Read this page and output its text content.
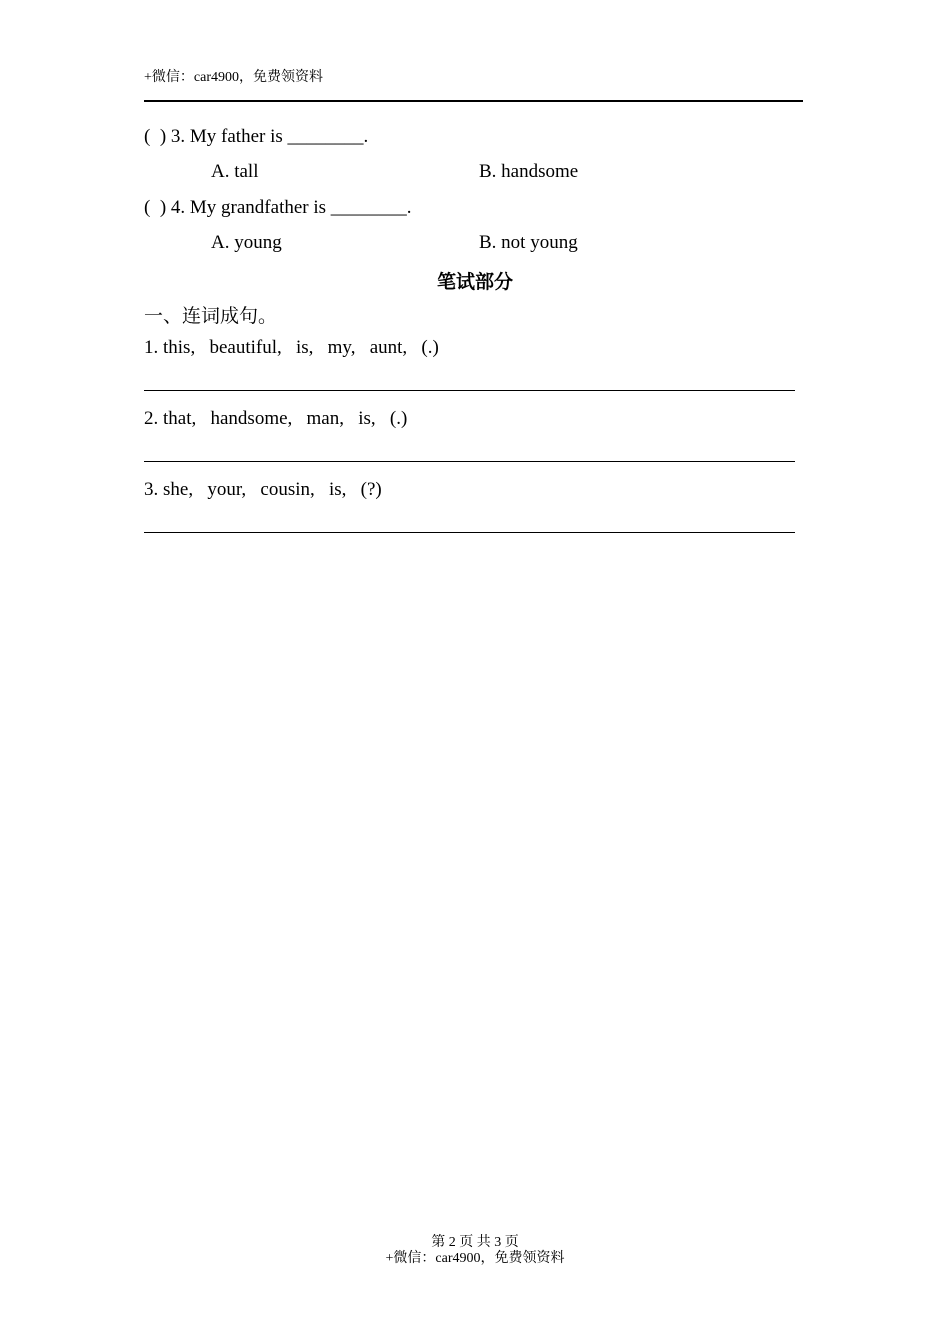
+微信：car4900，免费领资料
(  ) 3. My father is ________.
A. tall	B. handsome
(  ) 4. My grandfather is ________.
A. young	B. not young
笔试部分
一、连词成句。
1. this,   beautiful,   is,   my,   aunt,   (.)
2. that,   handsome,   man,   is,   (.)
3. she,   your,   cousin,   is,   (?)
第 2 页 共 3 页
+微信：car4900，免费领资料
